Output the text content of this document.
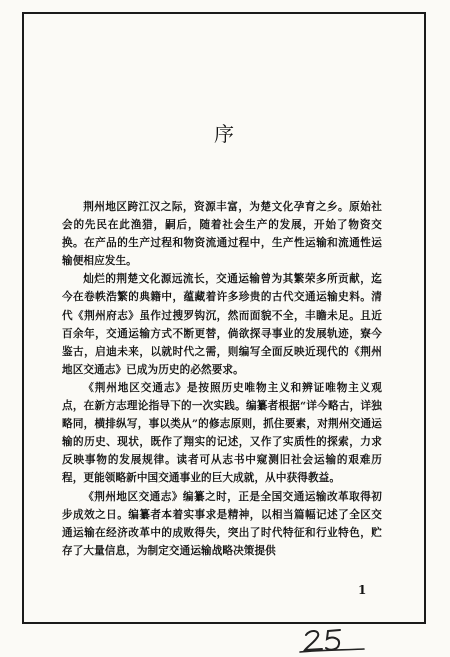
序

荆州地区跨江汉之际，资源丰富，为楚文化孕育之乡。原始社会的先民在此渔猎，嗣后，随着社会生产的发展，开始了物资交换。在产品的生产过程和物资流通过程中，生产性运输和流通性运输便相应发生。

灿烂的荆楚文化源远流长，交通运输曾为其繁荣多所贡献，迄今在卷帙浩繁的典籍中，蕴藏着许多珍贵的古代交通运输史料。清代《荆州府志》虽作过搜罗钩沉，然而面貌不全，丰瞻未足。且近百余年，交通运输方式不断更替，倘欲探寻事业的发展轨迹，寮今鉴古，启迪未来，以就时代之需，则编写全面反映近现代的《荆州地区交通志》已成为历史的必然要求。

《荆州地区交通志》是按照历史唯物主义和辨证唯物主义观点，在新方志理论指导下的一次实践。编纂者根据“详今略古，详独略同，横排纵写，事以类从”的修志原则，抓住要素，对荆州交通运输的历史、现状，既作了翔实的记述，又作了实质性的探索，力求反映事物的发展规律。读者可从志书中窥测旧社会运输的艰难历程，更能领略新中国交通事业的巨大成就，从中获得教益。

《荆州地区交通志》编纂之时，正是全国交通运输改革取得初步成效之日。编纂者本着实事求是精神，以相当篇幅记述了全区交通运输在经济改革中的成败得失，突出了时代特征和行业特色，贮存了大量信息，为制定交通运输战略决策提供

1
